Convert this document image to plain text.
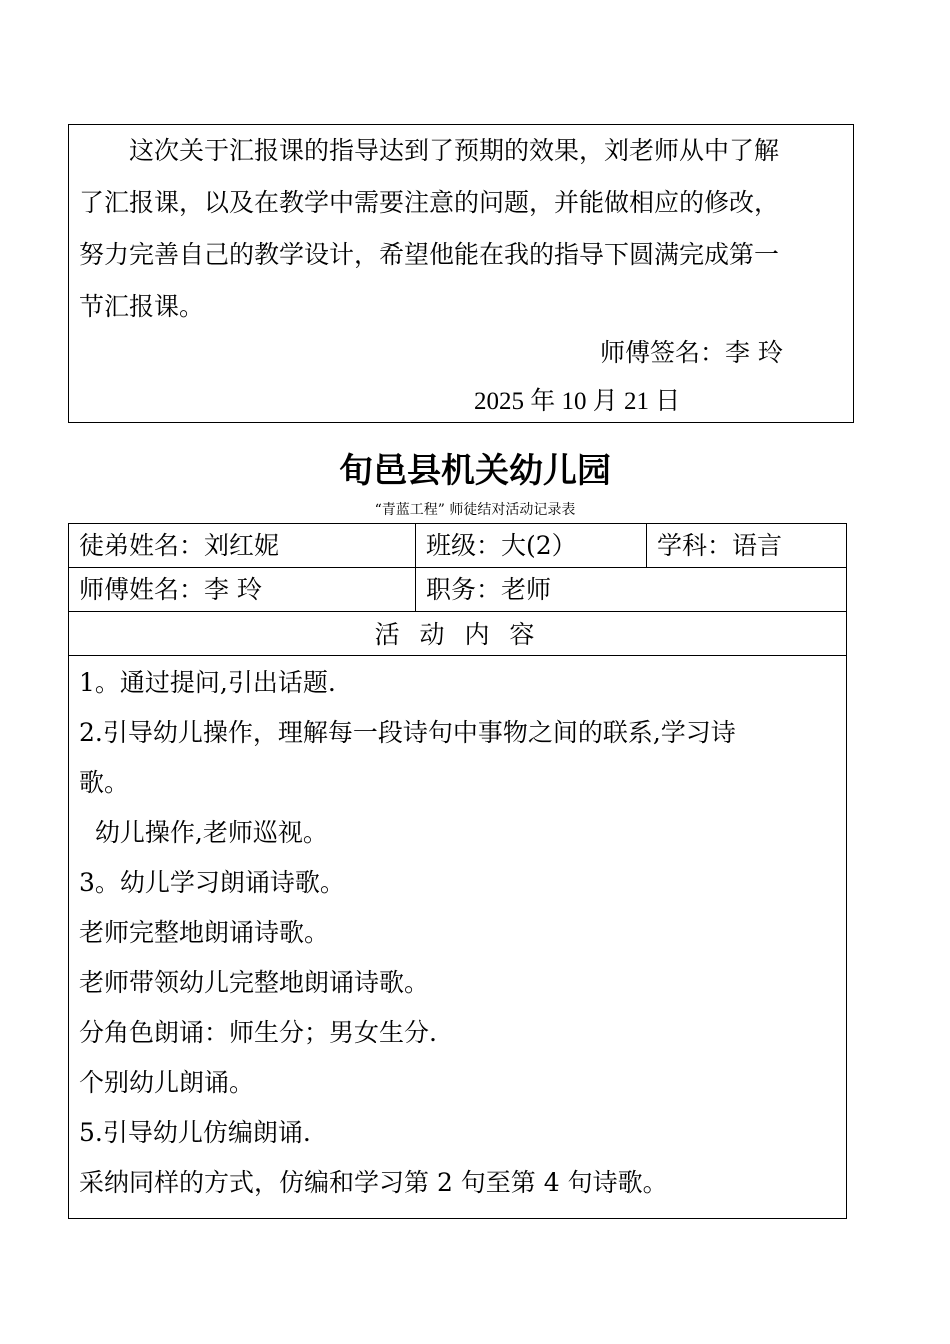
这次关于汇报课的指导达到了预期的效果，刘老师从中了解
了汇报课，以及在教学中需要注意的问题，并能做相应的修改，
努力完善自己的教学设计，希望他能在我的指导下圆满完成第一
节汇报课。
师傅签名：李 玲
2025 年 10 月 21 日
旬邑县机关幼儿园
“青蓝工程” 师徒结对活动记录表
徒弟姓名：刘红妮	班级：大(2）	学科：语言
师傅姓名：李 玲	职务：老师
活 动 内 容
1。通过提问,引出话题.
2.引导幼儿操作，理解每一段诗句中事物之间的联系,学习诗
歌。
幼儿操作,老师巡视。
3。幼儿学习朗诵诗歌。
老师完整地朗诵诗歌。
老师带领幼儿完整地朗诵诗歌。
分角色朗诵：师生分；男女生分.
个别幼儿朗诵。
5.引导幼儿仿编朗诵.
采纳同样的方式，仿编和学习第 2 句至第 4 句诗歌。
